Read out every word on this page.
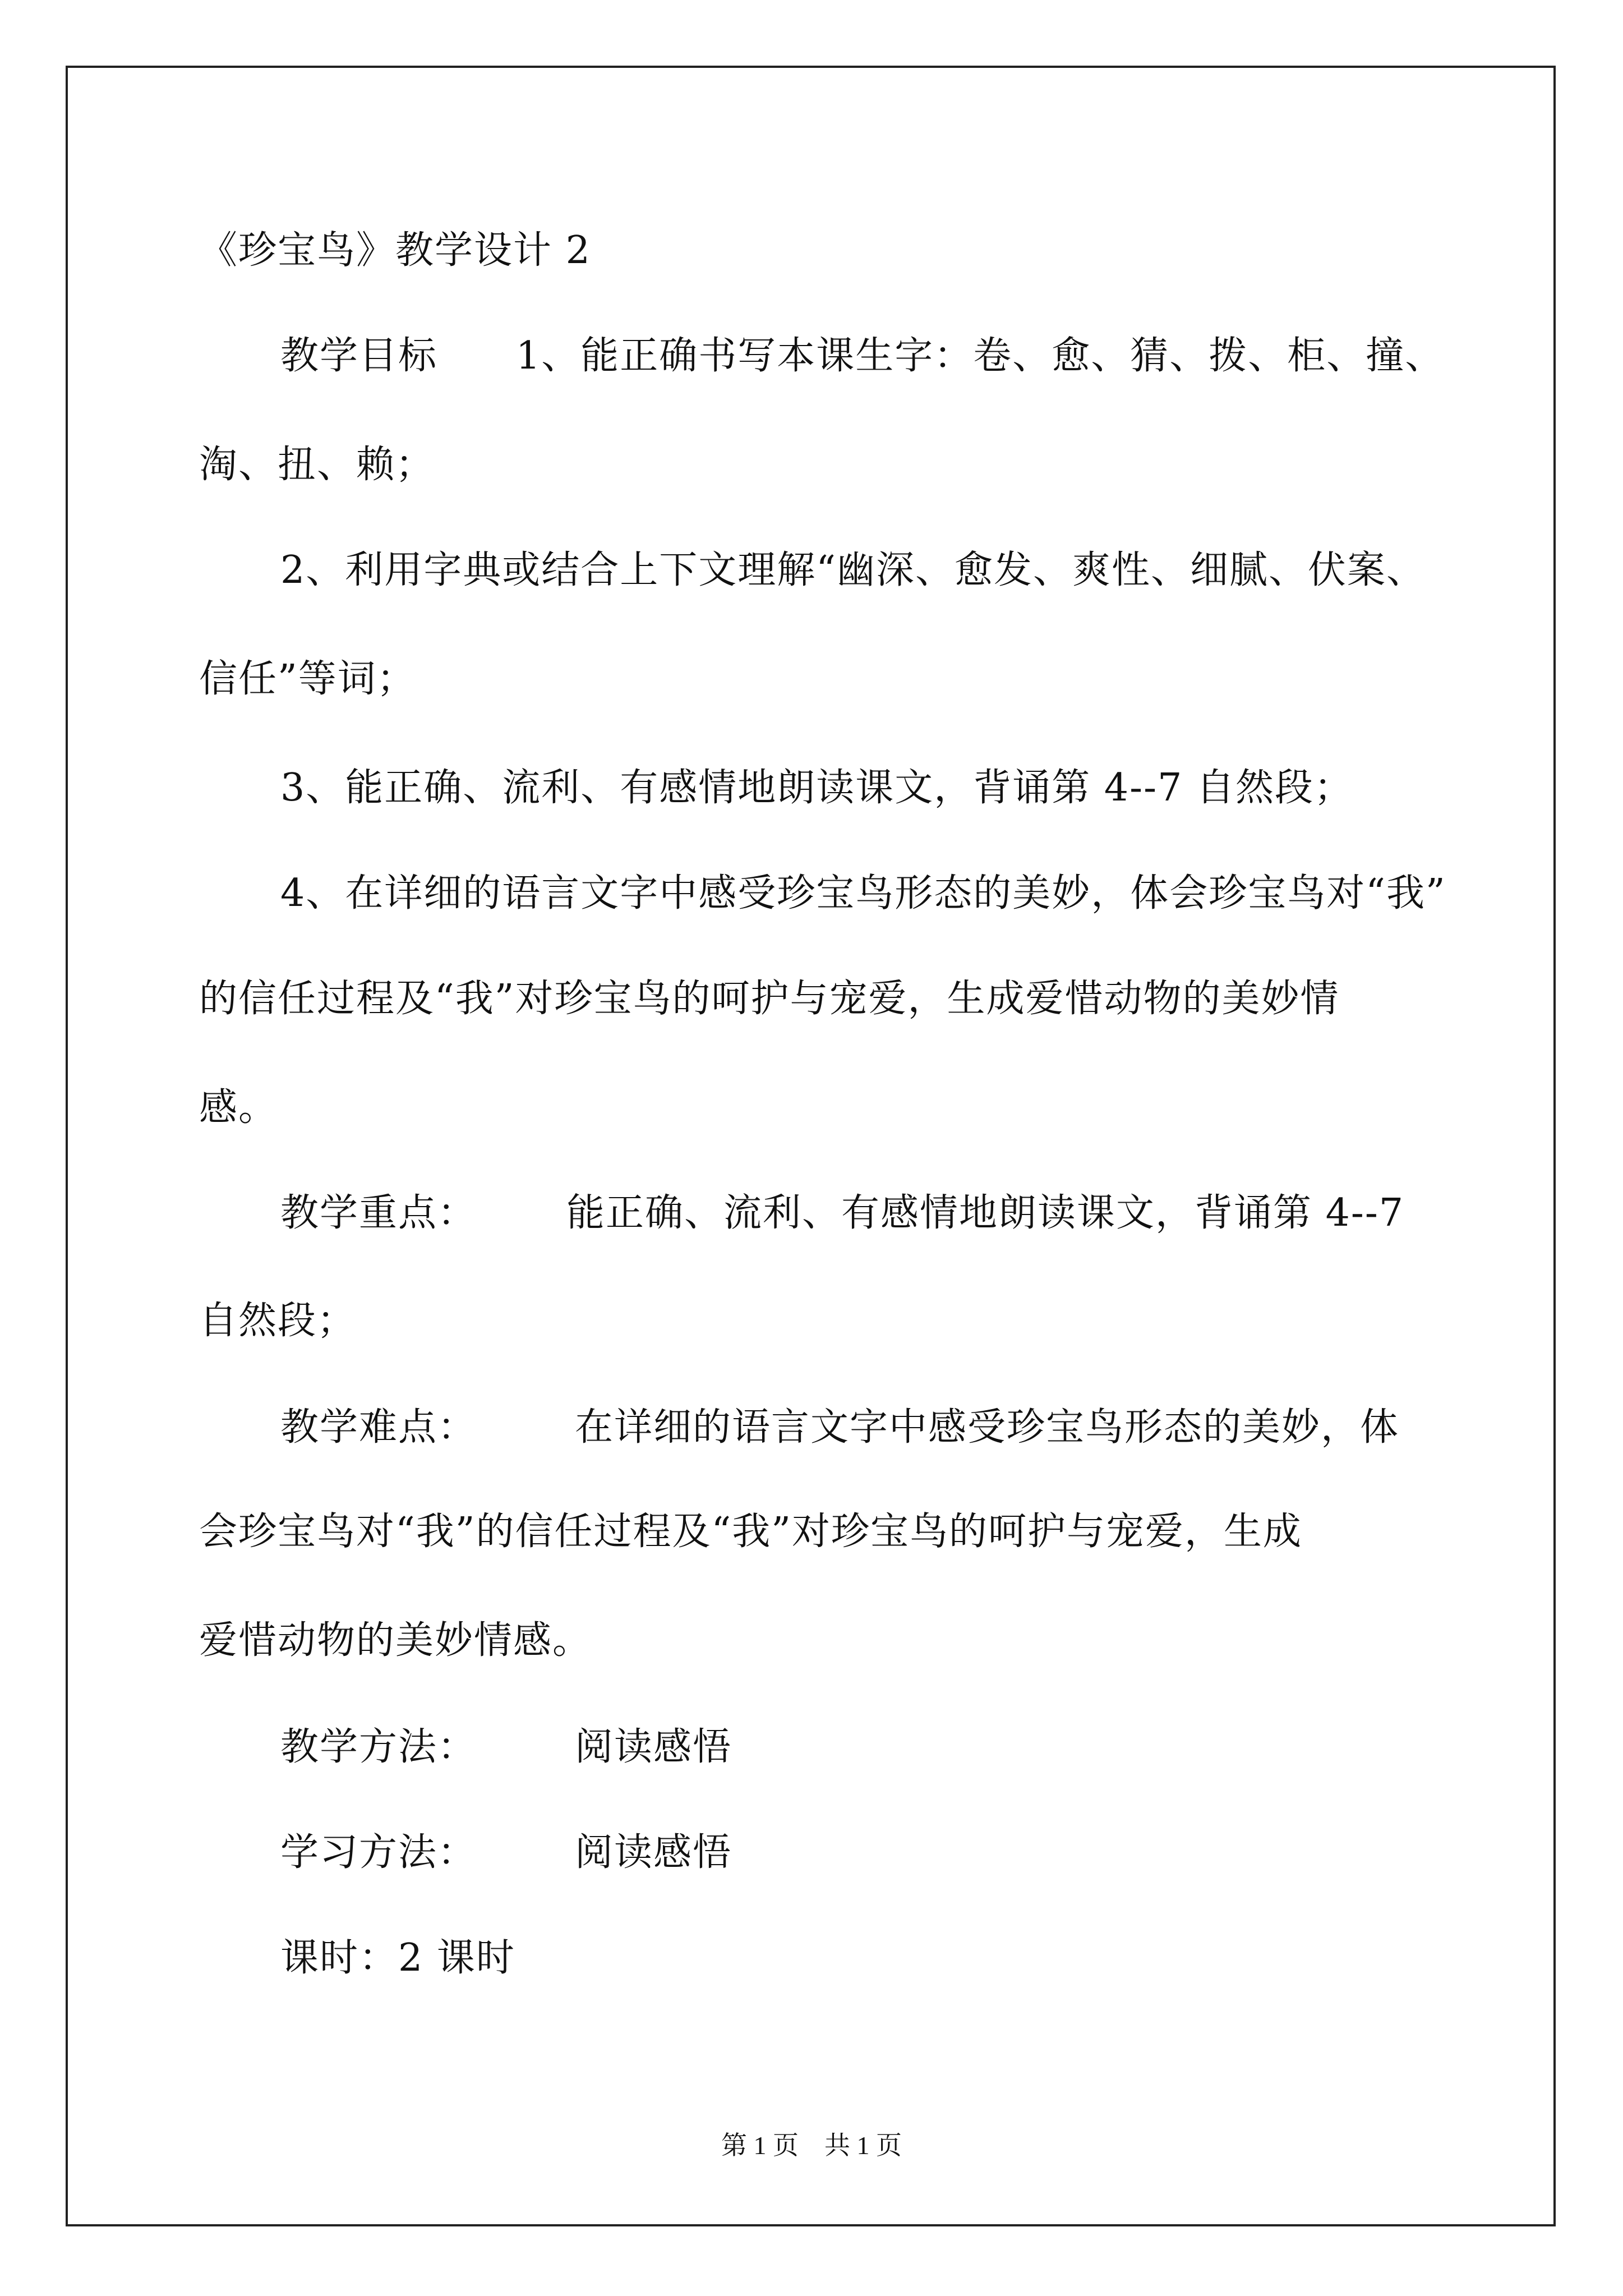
《珍宝鸟》教学设计 2
教学目标 1、能正确书写本课生字：卷、愈、猜、拨、柜、撞、
淘、扭、赖；
2、利用字典或结合上下文理解“幽深、愈发、爽性、细腻、伏案、
信任”等词；
3、能正确、流利、有感情地朗读课文，背诵第 4--7 自然段；
4、在详细的语言文字中感受珍宝鸟形态的美妙，体会珍宝鸟对“我”
的信任过程及“我”对珍宝鸟的呵护与宠爱，生成爱惜动物的美妙情
感。
教学重点： 能正确、流利、有感情地朗读课文，背诵第 4--7
自然段；
教学难点：	在详细的语言文字中感受珍宝鸟形态的美妙，体
会珍宝鸟对“我”的信任过程及“我”对珍宝鸟的呵护与宠爱，生成
爱惜动物的美妙情感。
教学方法：	阅读感悟
学习方法：	阅读感悟
课时：2 课时
第 1 页 共 1 页
